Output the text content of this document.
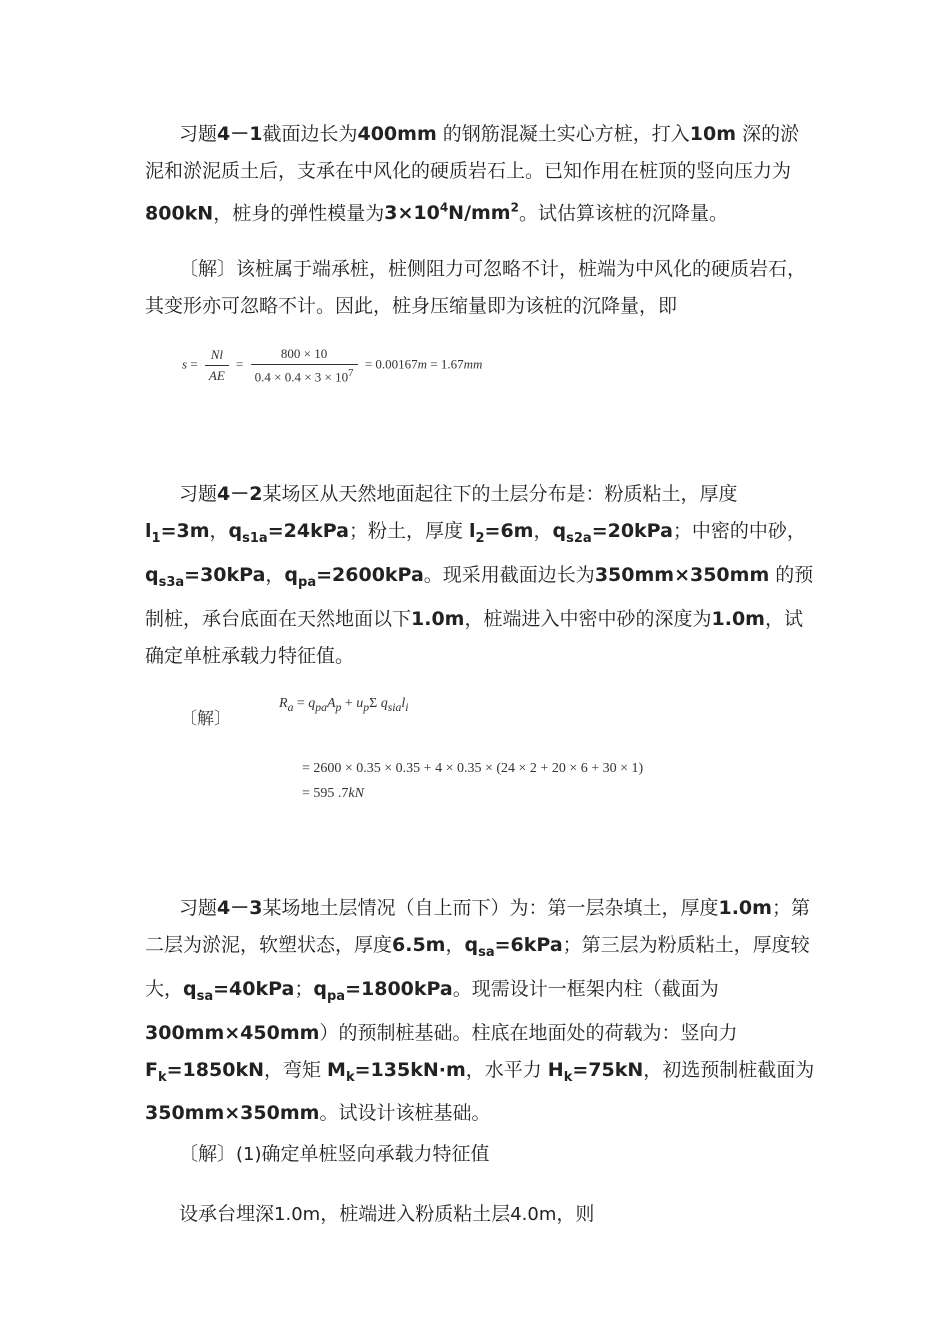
习题4－1截面边长为400mm 的钢筋混凝土实心方桩，打入10m 深的淤泥和淤泥质土后，支承在中风化的硬质岩石上。已知作用在桩顶的竖向压力为 800kN，桩身的弹性模量为$3\times 10^4N/mm^2$。试估算该桩的沉降量。

〔解〕该桩属于端承桩，桩侧阻力可忽略不计，桩端为中风化的硬质岩石，其变形亦可忽略不计。因此，桩身压缩量即为该桩的沉降量，即

$s = \frac{Nl}{AE} = \frac{800 \times 10}{0.4 \times 0.4 \times 3 \times 10^7} = 0.00167m = 1.67mm$

习题4－2某场区从天然地面起往下的土层分布是：粉质粘土，厚度 $l_1=3m$，$q_{s1a}=24kPa$；粉土，厚度 $l_2=6m$，$q_{s2a}=20kPa$；中密的中砂，$q_{s3a}=30kPa$，$q_{pa}=2600kPa$。现采用截面边长为350mm×350mm 的预制桩，承台底面在天然地面以下1.0m，桩端进入中密中砂的深度为1.0m，试确定单桩承载力特征值。

〔解〕
$R_a = q_{pa}A_p + u_p\Sigma$ $q_{sia}l_i$
= 2600 × 0.35 × 0.35 + 4 × 0.35 × (24 × 2 + 20 × 6 + 30 × 1)
= 595 .7kN

习题4－3某场地土层情况（自上而下）为：第一层杂填土，厚度1.0m；第二层为淤泥，软塑状态，厚度6.5m，$q_{sa}=6kPa$；第三层为粉质粘土，厚度较大，$q_{sa}=40kPa$；$q_{pa}=1800kPa$。现需设计一框架内柱（截面为300mm×450mm）的预制桩基础。柱底在地面处的荷载为：竖向力 $F_k=1850kN$，弯矩 $M_k=135kN\cdot m$，水平力 $H_k=75kN$，初选预制桩截面为350mm×350mm。试设计该桩基础。

〔解〕(1)确定单桩竖向承载力特征值

设承台埋深1.0m，桩端进入粉质粘土层4.0m，则
